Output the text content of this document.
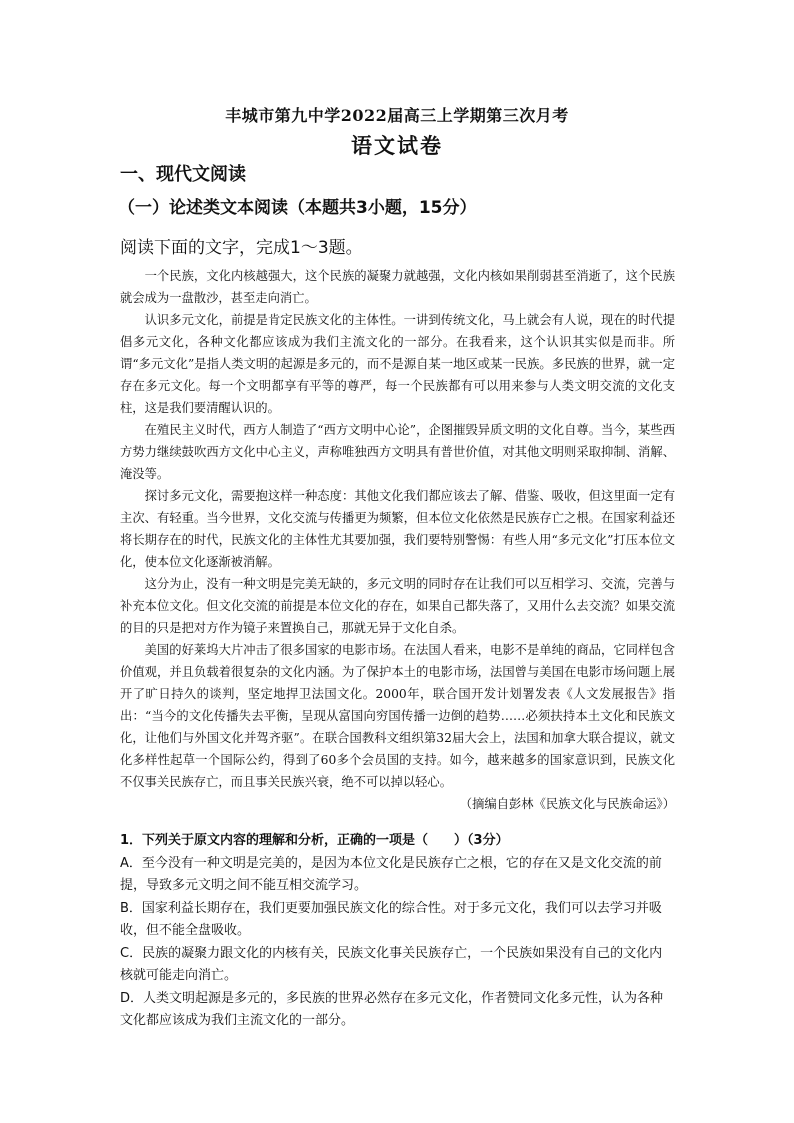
丰城市第九中学2022届高三上学期第三次月考
语文试卷
一、现代文阅读
（一）论述类文本阅读（本题共3小题，15分）
阅读下面的文字，完成1～3题。

一个民族，文化内核越强大，这个民族的凝聚力就越强，文化内核如果削弱甚至消逝了，这个民族就会成为一盘散沙，甚至走向消亡。

认识多元文化，前提是肯定民族文化的主体性。一讲到传统文化，马上就会有人说，现在的时代提倡多元文化，各种文化都应该成为我们主流文化的一部分。在我看来，这个认识其实似是而非。所谓“多元文化”是指人类文明的起源是多元的，而不是源自某一地区或某一民族。多民族的世界，就一定存在多元文化。每一个文明都享有平等的尊严，每一个民族都有可以用来参与人类文明交流的文化支柱，这是我们要清醒认识的。

在殖民主义时代，西方人制造了“西方文明中心论”，企图摧毁异质文明的文化自尊。当今，某些西方势力继续鼓吹西方文化中心主义，声称唯独西方文明具有普世价值，对其他文明则采取抑制、消解、淹没等。

探讨多元文化，需要抱这样一种态度：其他文化我们都应该去了解、借鉴、吸收，但这里面一定有主次、有轻重。当今世界，文化交流与传播更为频繁，但本位文化依然是民族存亡之根。在国家利益还将长期存在的时代，民族文化的主体性尤其要加强，我们要特别警惕：有些人用“多元文化”打压本位文化，使本位文化逐渐被消解。

这分为止，没有一种文明是完美无缺的，多元文明的同时存在让我们可以互相学习、交流，完善与补充本位文化。但文化交流的前提是本位文化的存在，如果自己都失落了，又用什么去交流？如果交流的目的只是把对方作为镜子来置换自己，那就无异于文化自杀。

美国的好莱坞大片冲击了很多国家的电影市场。在法国人看来，电影不是单纯的商品，它同样包含价值观，并且负载着很复杂的文化内涵。为了保护本土的电影市场，法国曾与美国在电影市场问题上展开了旷日持久的谈判，坚定地捍卫法国文化。2000年，联合国开发计划署发表《人文发展报告》指出：“当今的文化传播失去平衡，呈现从富国向穷国传播一边倒的趋势……必须扶持本土文化和民族文化，让他们与外国文化并驾齐驱”。在联合国教科文组织第32届大会上，法国和加拿大联合提议，就文化多样性起草一个国际公约，得到了60多个会员国的支持。如今，越来越多的国家意识到，民族文化不仅事关民族存亡，而且事关民族兴衰，绝不可以掉以轻心。

（摘编自彭林《民族文化与民族命运》）

1．下列关于原文内容的理解和分析，正确的一项是（　　）（3分）

A．至今没有一种文明是完美的，是因为本位文化是民族存亡之根，它的存在又是文化交流的前提，导致多元文明之间不能互相交流学习。

B．国家利益长期存在，我们更要加强民族文化的综合性。对于多元文化，我们可以去学习并吸收，但不能全盘吸收。

C．民族的凝聚力跟文化的内核有关，民族文化事关民族存亡，一个民族如果没有自己的文化内核就可能走向消亡。

D．人类文明起源是多元的，多民族的世界必然存在多元文化，作者赞同文化多元性，认为各种文化都应该成为我们主流文化的一部分。
